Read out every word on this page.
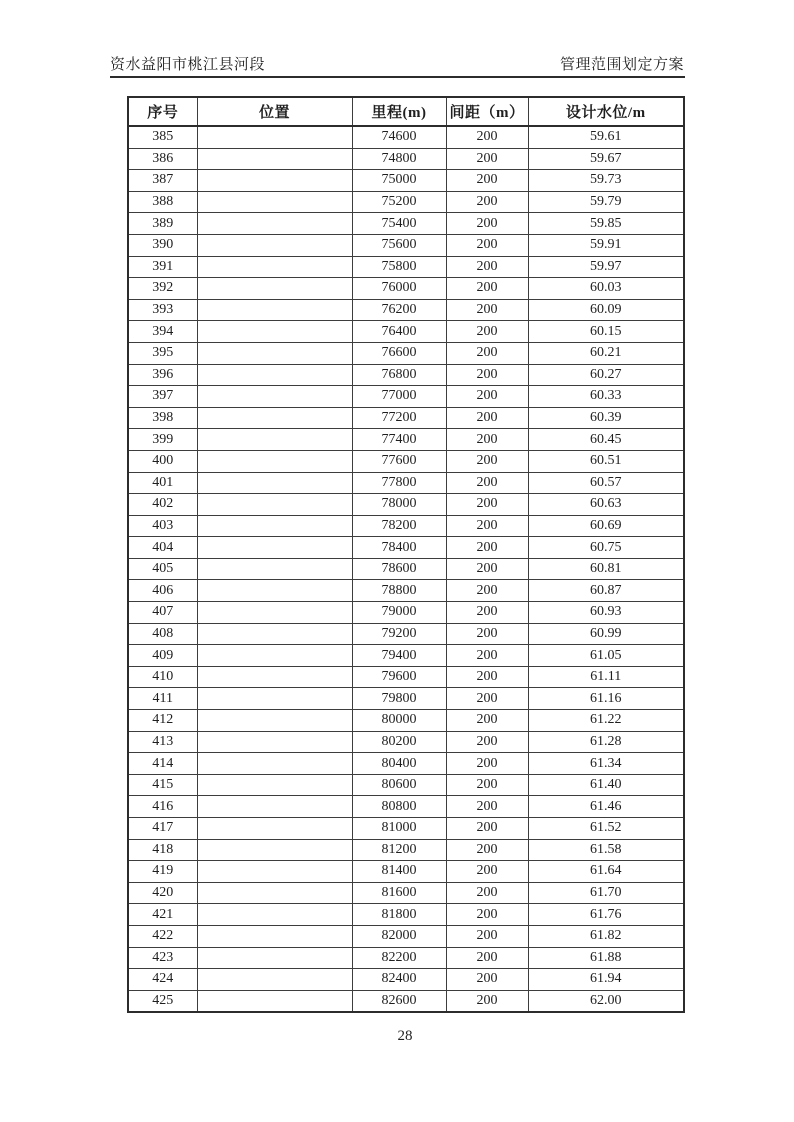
资水益阳市桃江县河段	管理范围划定方案
序号	位置	里程(m)	间距（m）	设计水位/m
385		74600	200	59.61
386		74800	200	59.67
387		75000	200	59.73
388		75200	200	59.79
389		75400	200	59.85
390		75600	200	59.91
391		75800	200	59.97
392		76000	200	60.03
393		76200	200	60.09
394		76400	200	60.15
395		76600	200	60.21
396		76800	200	60.27
397		77000	200	60.33
398		77200	200	60.39
399		77400	200	60.45
400		77600	200	60.51
401		77800	200	60.57
402		78000	200	60.63
403		78200	200	60.69
404		78400	200	60.75
405		78600	200	60.81
406		78800	200	60.87
407		79000	200	60.93
408		79200	200	60.99
409		79400	200	61.05
410		79600	200	61.11
411		79800	200	61.16
412		80000	200	61.22
413		80200	200	61.28
414		80400	200	61.34
415		80600	200	61.40
416		80800	200	61.46
417		81000	200	61.52
418		81200	200	61.58
419		81400	200	61.64
420		81600	200	61.70
421		81800	200	61.76
422		82000	200	61.82
423		82200	200	61.88
424		82400	200	61.94
425		82600	200	62.00
28
